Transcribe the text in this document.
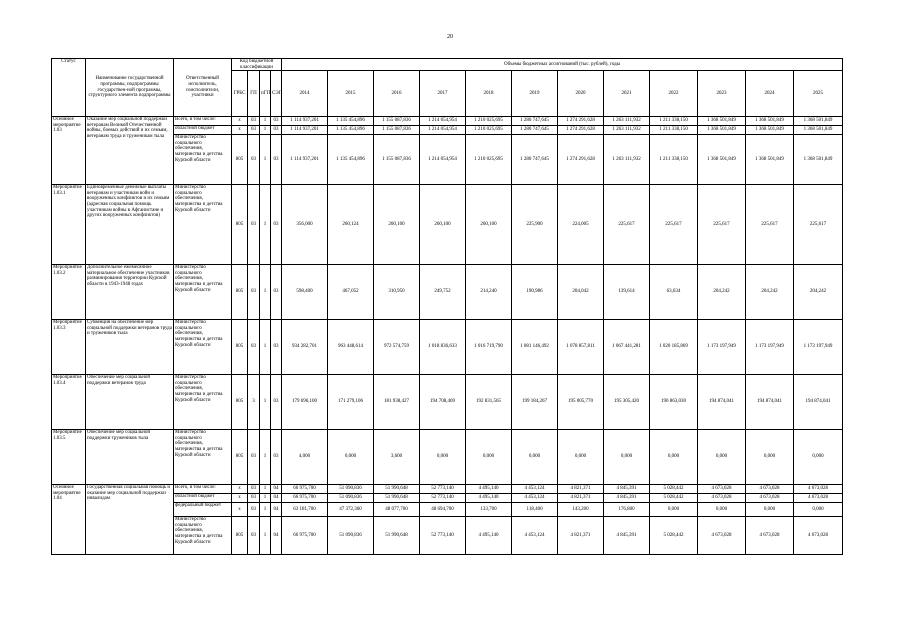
20
Статус	Наименование государственной программы, подпрограммы государствен-ной программы, структурного элемента подпрограммы	Ответственный исполнитель, соисполнители, участники	Код бюджетной классификации				Объемы бюджетных ассигнований (тыс. рублей), годы											
			ГРБС	ГП	пГП	СЭП	2014	2015	2016	2017	2018	2019	2020	2021	2022	2023	2024	2025
Основное мероприятие 1.03	Оказание мер социальной поддержки ветеранам Великой Отечественной войны, боевых действий и их семьям, ветеранам труда и труженикам тыла	Всего, в том числе:	x	03	1	03	1 114 937,201	1 135 454,896	1 155 087,836	1 214 054,954	1 210 025,695	1 280 747,645	1 274 291,628	1 263 111,932	1 211 338,150	1 368 501,849	1 368 501,849	1 368 501,849
		областной бюджет	x	03	1	03	1 114 937,201	1 135 454,896	1 155 087,836	1 214 054,954	1 210 025,695	1 280 747,645	1 274 291,628	1 263 111,932	1 211 338,150	1 368 501,849	1 368 501,849	1 368 501,849
		Министерство социального обеспечения, материнства и детства Курской области	805	03	1	03	1 114 937,201	1 135 454,896	1 155 087,836	1 214 054,954	1 210 025,695	1 280 747,645	1 274 291,628	1 263 111,932	1 211 338,150	1 368 501,849	1 368 501,849	1 368 501,849
Мероприятие 1.03.1	Единовременные денежные выплаты ветеранам и участникам войн и вооруженных конфликтов и их семьям (адресная социальная помощь участникам войны в Афганистане и других вооруженных конфликтов)	Министерство социального обеспечения, материнства и детства Курской области	805	03	1	03	356,000	260,124	260,100	260,100	260,100	225,900	224,005	225,617	225,617	225,617	225,617	225,617
Мероприятие 1.03.2	Дополнительное ежемесячное материальное обеспечение участников разминирования территории Курской области в 1943-1948 годах	Министерство социального обеспечения, материнства и детства Курской области	805	03	1	03	598,400	467,052	310,950	249,752	214,240	190,986	204,042	139,614	63,634	204,242	204,242	204,242
Мероприятие 1.03.3	Субвенция на обеспечение мер социальной поддержки ветеранов труда и тружеников тыла	Министерство социального обеспечения, материнства и детства Курской области	805	03	1	03	934 282,701	963 448,614	972 574,759	1 018 836,633	1 016 719,790	1 081 146,492	1 078 857,811	1 067 441,281	1 020 185,869	1 173 197,949	1 173 197,949	1 173 197,949
Мероприятие 1.03.4	Обеспечение мер социальной поддержки ветеранов труда	Министерство социального обеспечения, материнства и детства Курской области	805	3	1	03	179 696,100	171 279,106	181 938,427	194 708,469	192 831,565	199 184,267	195 005,770	195 305,420	190 863,030	194 874,041	194 874,041	194 874,041
Мероприятие 1.03.5	Обеспечение мер социальной поддержки тружеников тыла	Министерство социального обеспечения, материнства и детства Курской области	805	03	1	03	4,000	0,000	3,600	0,000	0,000	0,000	0,000	0,000	0,000	0,000	0,000	0,000
Основное мероприятие 1.04	Государственная социальная помощь и оказание мер социальной поддержки инвалидам	Всего, в том числе:	x	03	1	04	66 975,700	51 090,836	51 990,648	52 773,140	4 495,140	4 453,124	4 821,371	4 845,391	5 028,442	4 673,028	4 673,028	4 673,028
		областной бюджет	x	03	1	04	66 975,700	51 090,836	51 990,648	52 773,140	4 495,140	4 453,124	4 821,371	4 845,391	5 028,442	4 673,028	4 673,028	4 673,028
		федеральный бюджет	x	03	1	04	63 181,700	47 372,360	48 077,700	48 694,700	133,700	118,400	143,200	176,800	0,000	0,000	0,000	0,000
		Министерство социального обеспечения, материнства и детства Курской области	805	03	1	04	66 975,700	51 090,836	51 990,648	52 773,140	4 495,140	4 453,124	4 821,371	4 845,391	5 028,442	4 673,028	4 673,028	4 673,028
